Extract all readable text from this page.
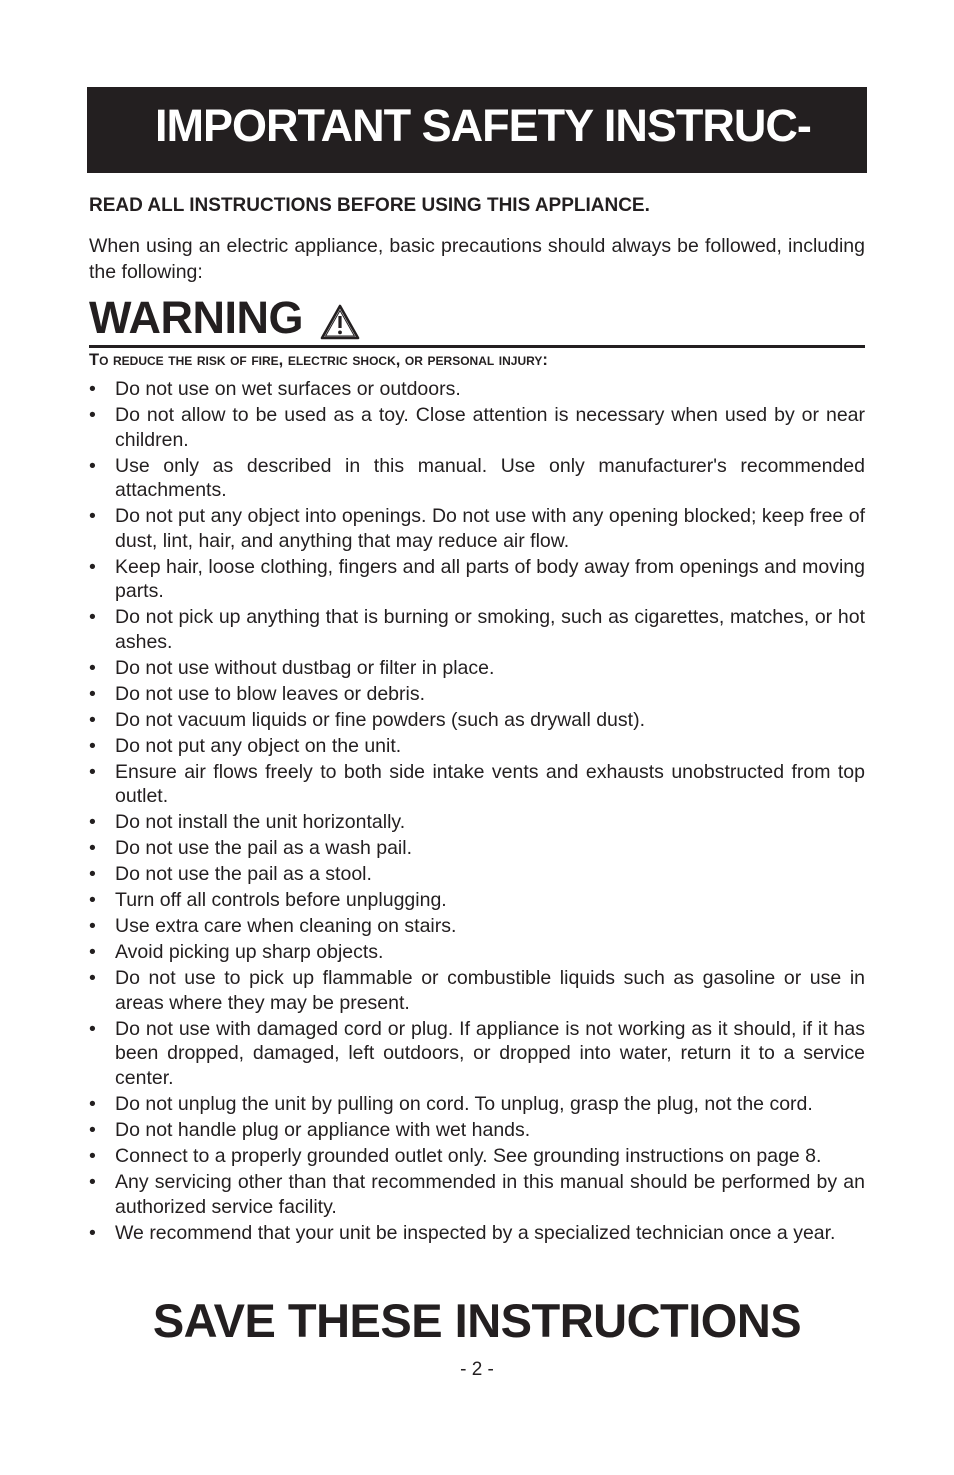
IMPORTANT SAFETY INSTRUC-

READ ALL INSTRUCTIONS BEFORE USING THIS APPLIANCE.

When using an electric appliance, basic precautions should always be followed, including the following:

WARNING

To reduce the risk of fire, electric shock, or personal injury:

• Do not use on wet surfaces or outdoors.
• Do not allow to be used as a toy. Close attention is necessary when used by or near children.
• Use only as described in this manual. Use only manufacturer's recommended attachments.
• Do not put any object into openings. Do not use with any opening blocked; keep free of dust, lint, hair, and anything that may reduce air flow.
• Keep hair, loose clothing, fingers and all parts of body away from openings and moving parts.
• Do not pick up anything that is burning or smoking, such as cigarettes, matches, or hot ashes.
• Do not use without dustbag or filter in place.
• Do not use to blow leaves or debris.
• Do not vacuum liquids or fine powders (such as drywall dust).
• Do not put any object on the unit.
• Ensure air flows freely to both side intake vents and exhausts unobstructed from top outlet.
• Do not install the unit horizontally.
• Do not use the pail as a wash pail.
• Do not use the pail as a stool.
• Turn off all controls before unplugging.
• Use extra care when cleaning on stairs.
• Avoid picking up sharp objects.
• Do not use to pick up flammable or combustible liquids such as gasoline or use in areas where they may be present.
• Do not use with damaged cord or plug. If appliance is not working as it should, if it has been dropped, damaged, left outdoors, or dropped into water, return it to a service center.
• Do not unplug the unit by pulling on cord. To unplug, grasp the plug, not the cord.
• Do not handle plug or appliance with wet hands.
• Connect to a properly grounded outlet only. See grounding instructions on page 8.
• Any servicing other than that recommended in this manual should be performed by an authorized service facility.
• We recommend that your unit be inspected by a specialized technician once a year.
SAVE THESE INSTRUCTIONS
- 2 -
